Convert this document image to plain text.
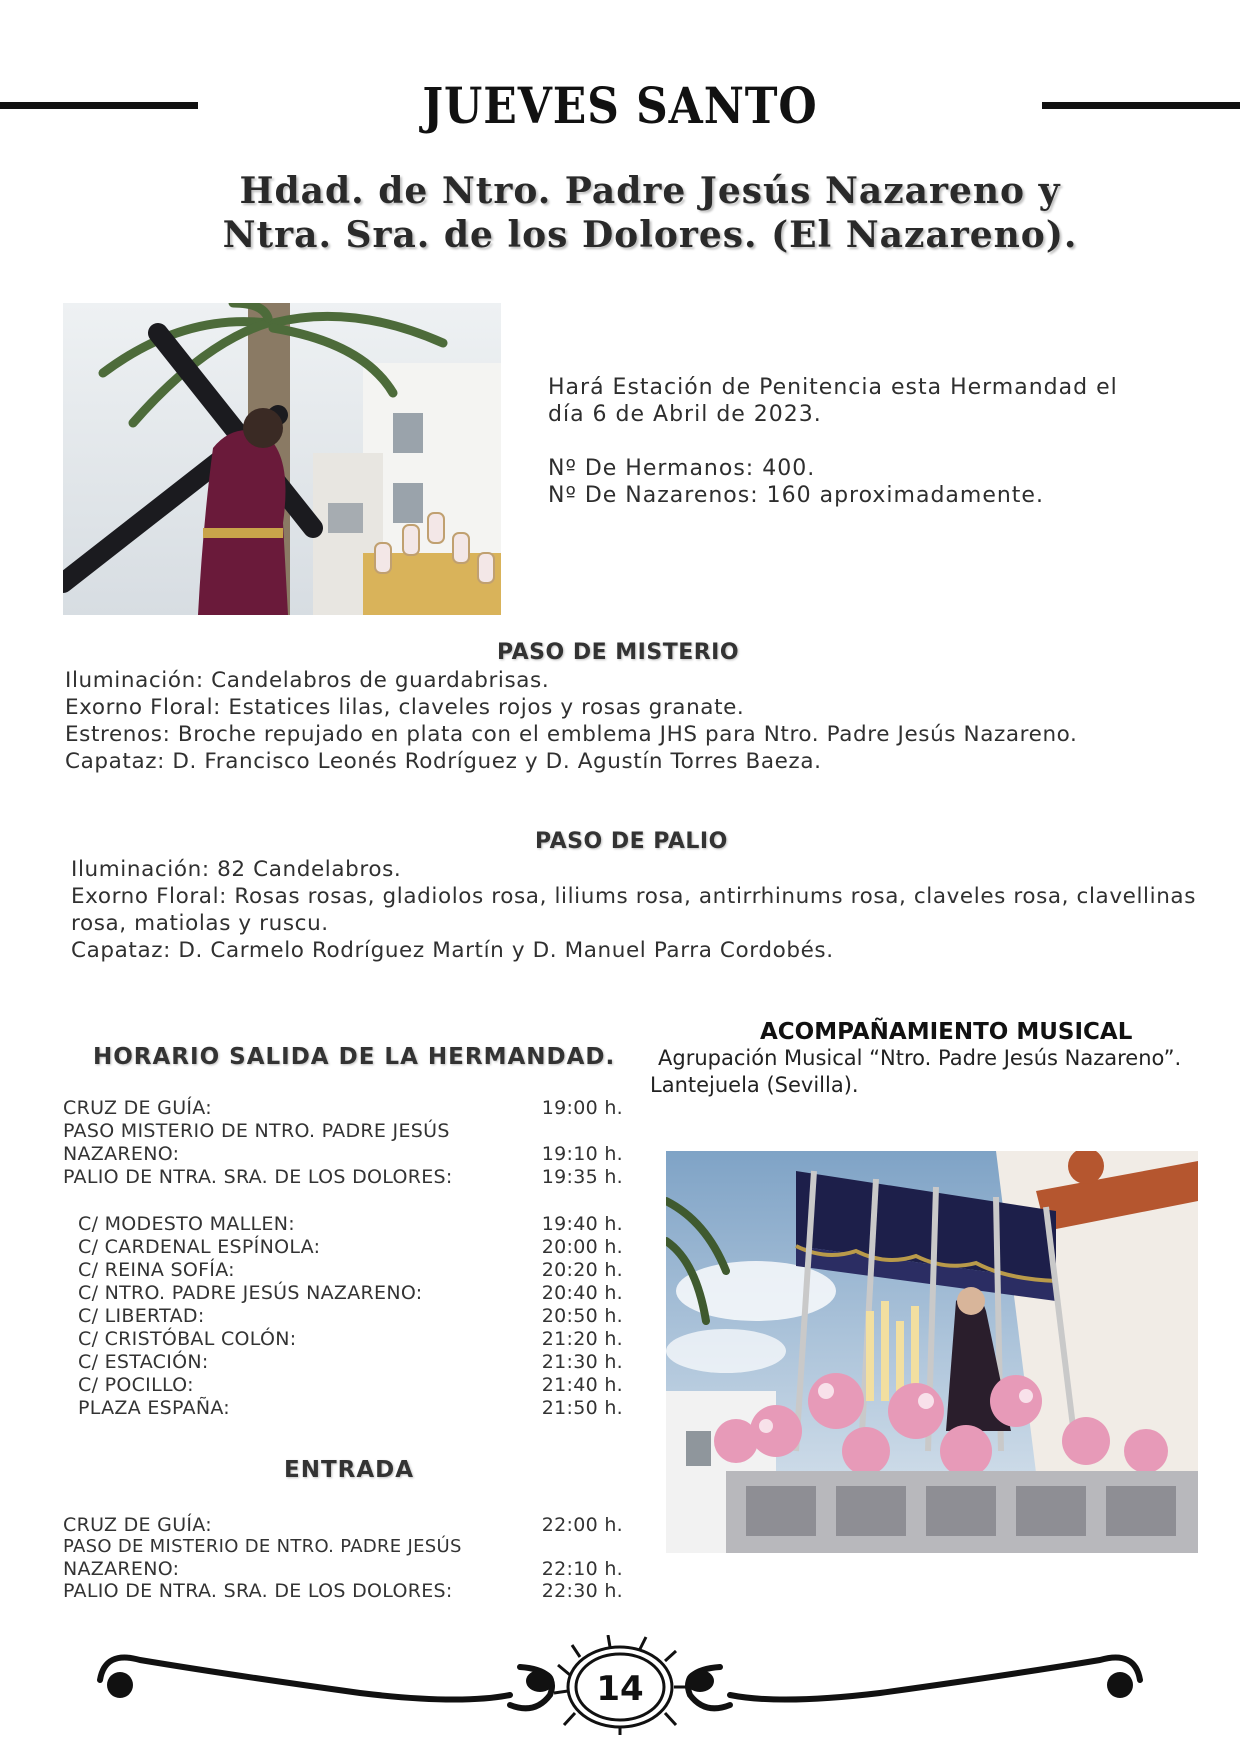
JUEVES SANTO
Hdad. de Ntro. Padre Jesús Nazareno y
Ntra. Sra. de los Dolores. (El Nazareno).
Hará Estación de Penitencia esta Hermandad el
día 6 de Abril de 2023.
Nº De Hermanos: 400.
Nº De Nazarenos: 160 aproximadamente.
PASO DE MISTERIO
Iluminación: Candelabros de guardabrisas.
Exorno Floral: Estatices lilas, claveles rojos y rosas granate.
Estrenos: Broche repujado en plata con el emblema JHS para Ntro. Padre Jesús Nazareno.
Capataz: D. Francisco Leonés Rodríguez y D. Agustín Torres Baeza.
PASO DE PALIO
Iluminación: 82 Candelabros.
Exorno Floral: Rosas rosas, gladiolos rosa, liliums rosa, antirrhinums rosa, claveles rosa, clavellinas rosa, matiolas y ruscu.
Capataz: D. Carmelo Rodríguez Martín y D. Manuel Parra Cordobés.
HORARIO SALIDA DE LA HERMANDAD.
CRUZ DE GUÍA:	19:00 h.
PASO MISTERIO DE NTRO. PADRE JESÚS
NAZARENO:	19:10 h.
PALIO DE NTRA. SRA. DE LOS DOLORES:	19:35 h.
C/ MODESTO MALLEN:	19:40 h.
C/ CARDENAL ESPÍNOLA:	20:00 h.
C/ REINA SOFÍA:	20:20 h.
C/ NTRO. PADRE JESÚS NAZARENO:	20:40 h.
C/ LIBERTAD:	20:50 h.
C/ CRISTÓBAL COLÓN:	21:20 h.
C/ ESTACIÓN:	21:30 h.
C/ POCILLO:	21:40 h.
PLAZA ESPAÑA:	21:50 h.
ENTRADA
CRUZ DE GUÍA:	22:00 h.
PASO DE MISTERIO DE NTRO. PADRE JESÚS
NAZARENO:	22:10 h.
PALIO DE NTRA. SRA. DE LOS DOLORES:	22:30 h.
ACOMPAÑAMIENTO MUSICAL
Agrupación Musical “Ntro. Padre Jesús Nazareno”.
Lantejuela (Sevilla).
14
